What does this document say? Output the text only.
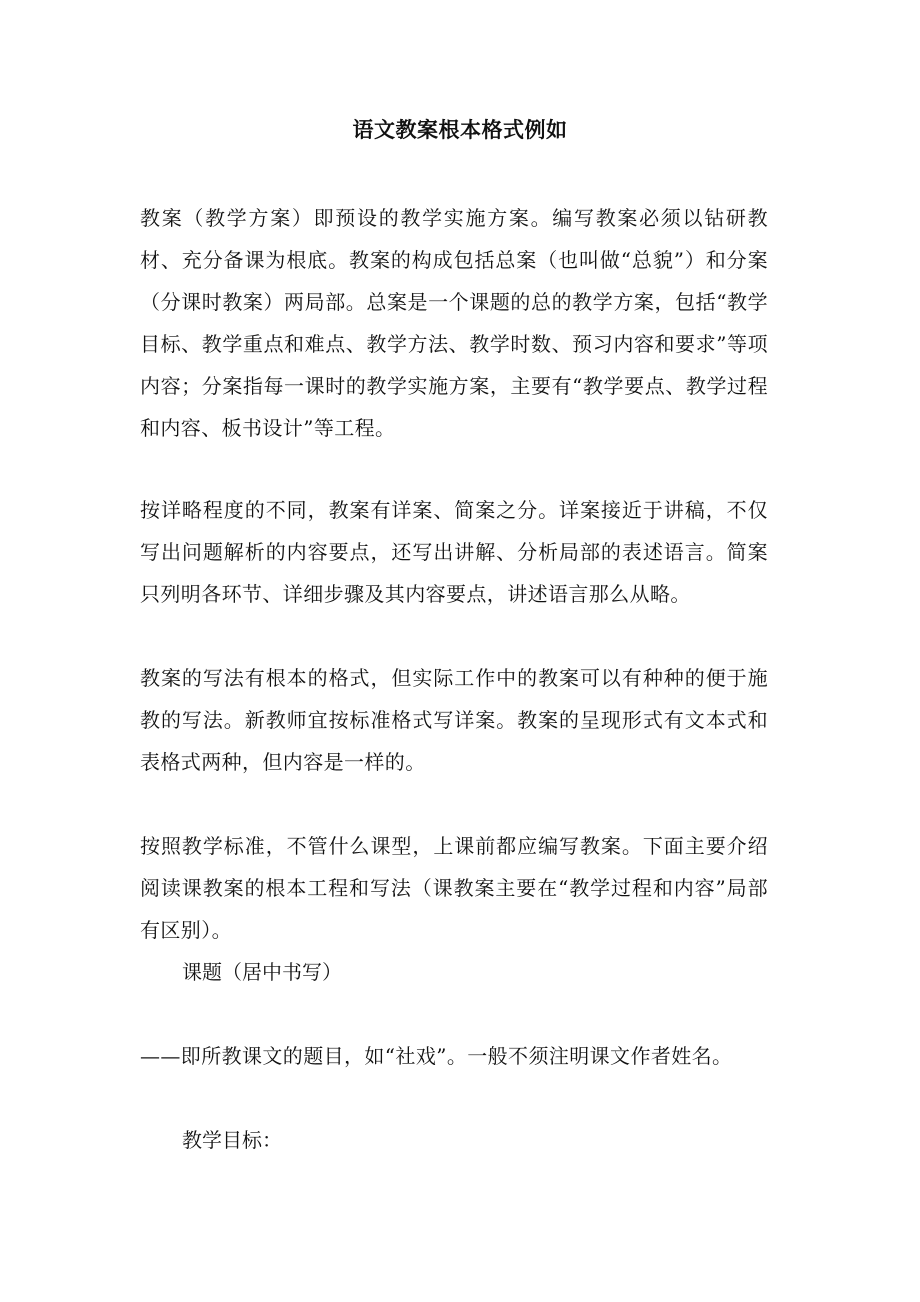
语文教案根本格式例如
教案（教学方案）即预设的教学实施方案。编写教案必须以钻研教材、充分备课为根底。教案的构成包括总案（也叫做“总貌”）和分案（分课时教案）两局部。总案是一个课题的总的教学方案，包括“教学目标、教学重点和难点、教学方法、教学时数、预习内容和要求”等项内容；分案指每一课时的教学实施方案，主要有“教学要点、教学过程和内容、板书设计”等工程。
按详略程度的不同，教案有详案、简案之分。详案接近于讲稿，不仅写出问题解析的内容要点，还写出讲解、分析局部的表述语言。简案只列明各环节、详细步骤及其内容要点，讲述语言那么从略。
教案的写法有根本的格式，但实际工作中的教案可以有种种的便于施教的写法。新教师宜按标准格式写详案。教案的呈现形式有文本式和表格式两种，但内容是一样的。
按照教学标准，不管什么课型，上课前都应编写教案。下面主要介绍阅读课教案的根本工程和写法（课教案主要在“教学过程和内容”局部有区别）。
课题（居中书写）
——即所教课文的题目，如“社戏”。一般不须注明课文作者姓名。
教学目标：
